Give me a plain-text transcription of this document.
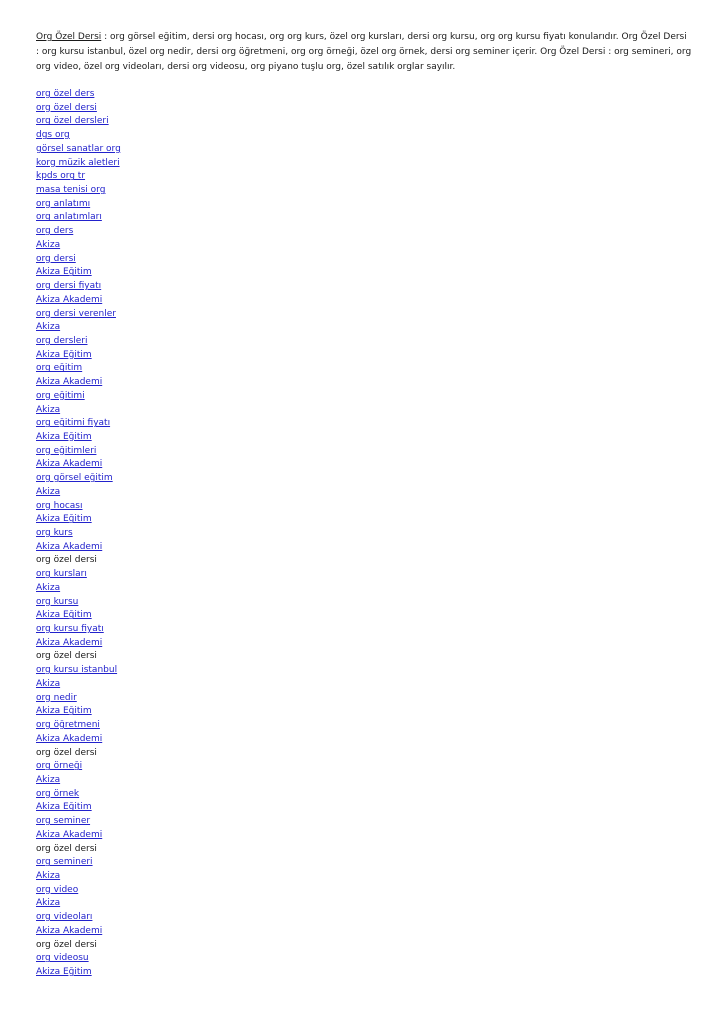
Org Özel Dersi : org görsel eğitim, dersi org hocası, org org kurs, özel org kursları, dersi org kursu, org org kursu fiyatı konularıdır. Org Özel Dersi : org kursu istanbul, özel org nedir, dersi org öğretmeni, org org örneği, özel org örnek, dersi org seminer içerir. Org Özel Dersi : org semineri, org org video, özel org videoları, dersi org videosu, org piyano tuşlu org, özel satılık orglar sayılır.

org özel ders
org özel dersi
org özel dersleri
dgs org
görsel sanatlar org
korg müzik aletleri
kpds org tr
masa tenisi org
org anlatımı
org anlatımları
org ders
Akiza
org dersi
Akiza Eğitim
org dersi fiyatı
Akiza Akademi
org dersi verenler
Akiza
org dersleri
Akiza Eğitim
org eğitim
Akiza Akademi
org eğitimi
Akiza
org eğitimi fiyatı
Akiza Eğitim
org eğitimleri
Akiza Akademi
org görsel eğitim
Akiza
org hocası
Akiza Eğitim
org kurs
Akiza Akademi
org özel dersi
org kursları
Akiza
org kursu
Akiza Eğitim
org kursu fiyatı
Akiza Akademi
org özel dersi
org kursu istanbul
Akiza
org nedir
Akiza Eğitim
org öğretmeni
Akiza Akademi
org özel dersi
org örneği
Akiza
org örnek
Akiza Eğitim
org seminer
Akiza Akademi
org özel dersi
org semineri
Akiza
org video
Akiza
org videoları
Akiza Akademi
org özel dersi
org videosu
Akiza Eğitim
